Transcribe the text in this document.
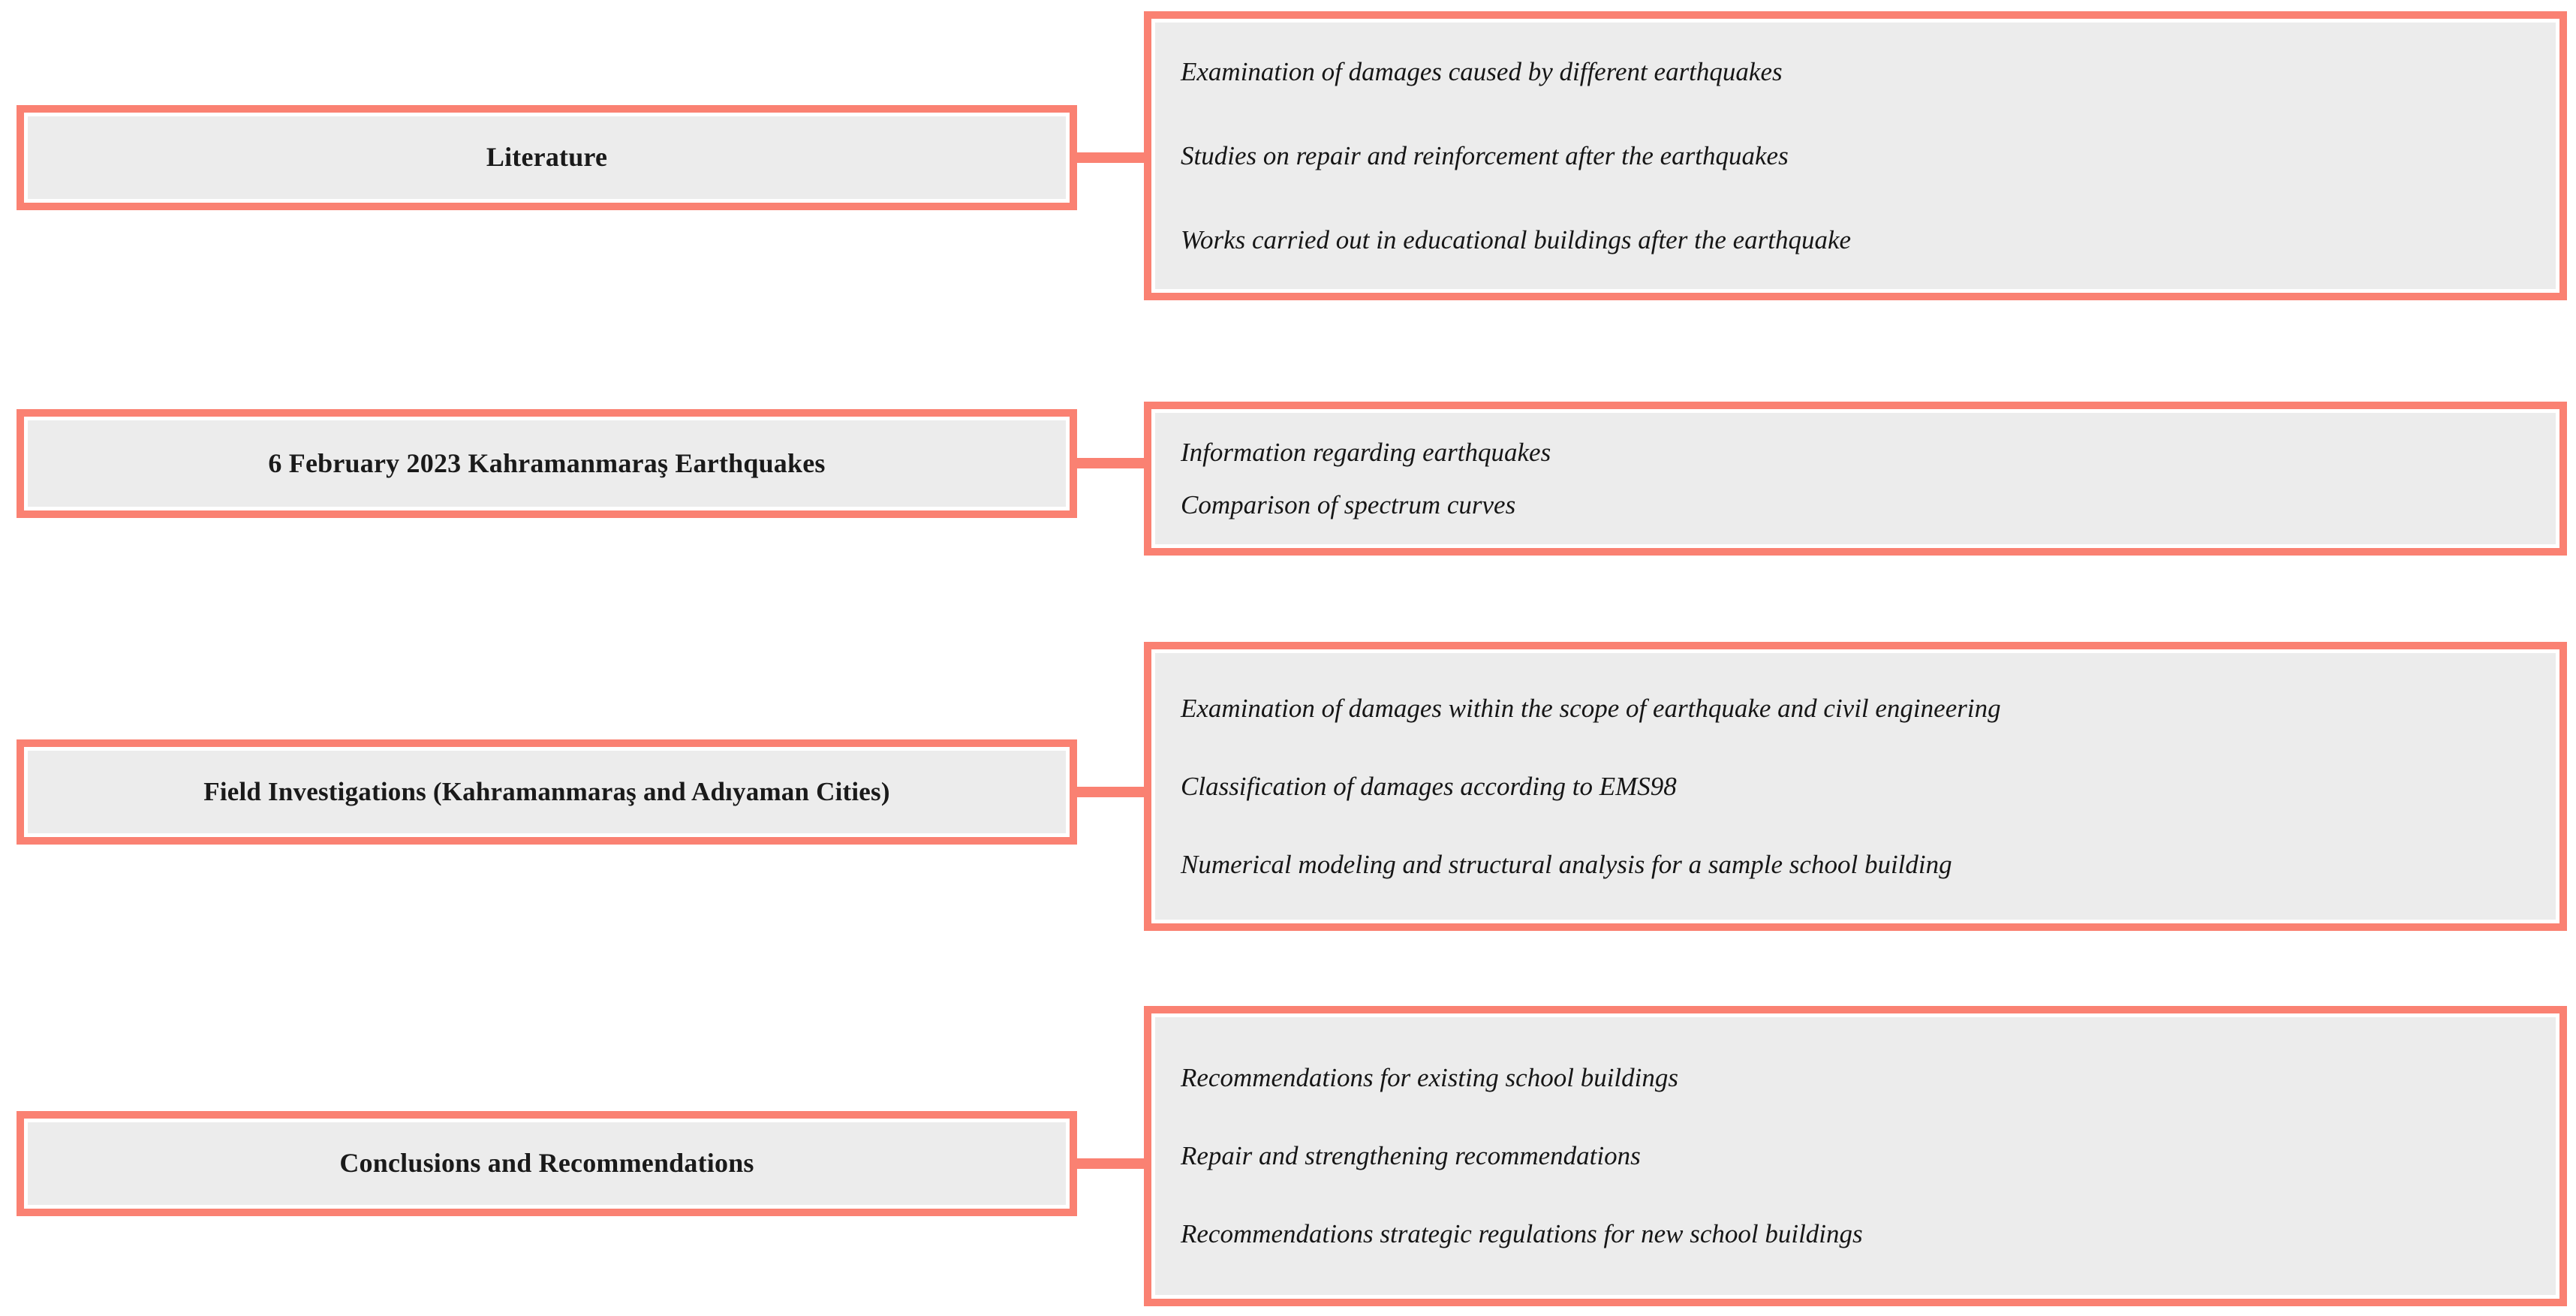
Literature
Examination of damages caused by different earthquakes
Studies on repair and reinforcement after the earthquakes
Works carried out in educational buildings after the earthquake
6 February 2023 Kahramanmaraş Earthquakes	Information regarding earthquakes
Comparison of spectrum curves
Field Investigations (Kahramanmaraş and Adıyaman Cities)
Examination of damages within the scope of earthquake and civil engineering
Classification of damages according to EMS98
Numerical modeling and structural analysis for a sample school building
Conclusions and Recommendations
Recommendations for existing school buildings
Repair and strengthening recommendations
Recommendations strategic regulations for new school buildings
